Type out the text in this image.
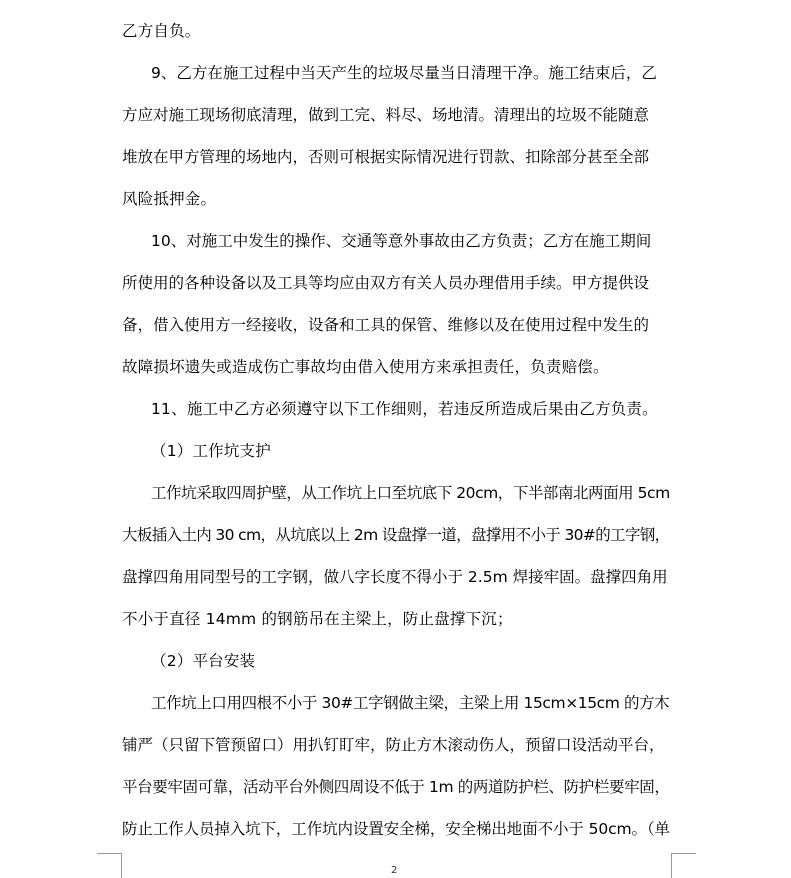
乙方自负。
9、乙方在施工过程中当天产生的垃圾尽量当日清理干净。施工结束后，乙
方应对施工现场彻底清理，做到工完、料尽、场地清。清理出的垃圾不能随意
堆放在甲方管理的场地内，否则可根据实际情况进行罚款、扣除部分甚至全部
风险抵押金。
10、对施工中发生的操作、交通等意外事故由乙方负责；乙方在施工期间
所使用的各种设备以及工具等均应由双方有关人员办理借用手续。甲方提供设
备，借入使用方一经接收，设备和工具的保管、维修以及在使用过程中发生的
故障损坏遗失或造成伤亡事故均由借入使用方来承担责任，负责赔偿。
11、施工中乙方必须遵守以下工作细则，若违反所造成后果由乙方负责。
（1）工作坑支护
工作坑采取四周护壁，从工作坑上口至坑底下 20cm，下半部南北两面用 5cm
大板插入土内 30 cm，从坑底以上 2m 设盘撑一道，盘撑用不小于 30#的工字钢，
盘撑四角用同型号的工字钢，做八字长度不得小于 2.5m 焊接牢固。盘撑四角用
不小于直径 14mm 的钢筋吊在主梁上，防止盘撑下沉；
（2）平台安装
工作坑上口用四根不小于 30#工字钢做主梁，主梁上用 15cm×15cm 的方木
铺严（只留下管预留口）用扒钉盯牢，防止方木滚动伤人，预留口设活动平台，
平台要牢固可靠，活动平台外侧四周设不低于 1m 的两道防护栏、防护栏要牢固，
防止工作人员掉入坑下，工作坑内设置安全梯，安全梯出地面不小于 50cm。（单
2
